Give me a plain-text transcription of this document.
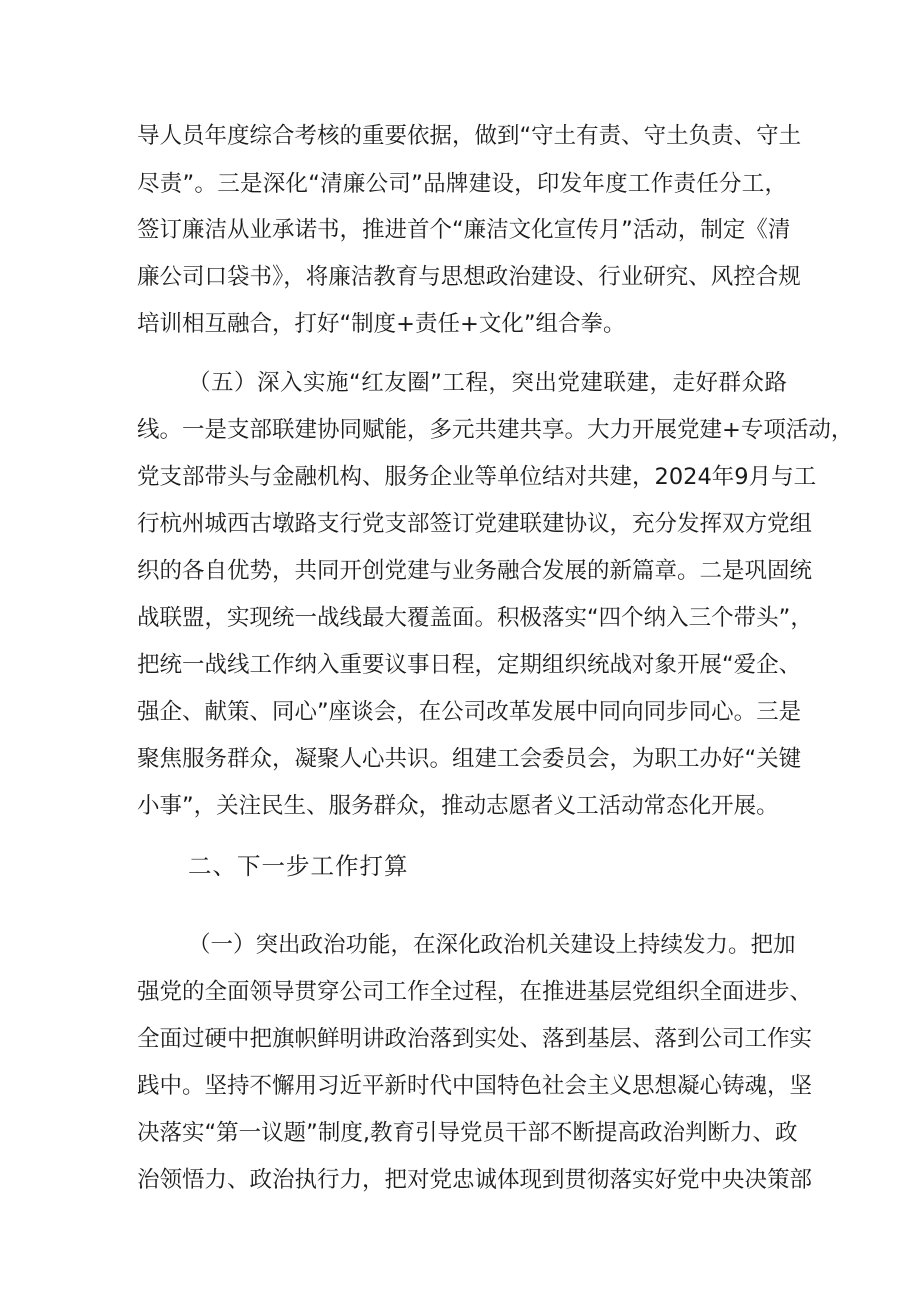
导人员年度综合考核的重要依据，做到“守土有责、守土负责、守土
尽责”。三是深化“清廉公司”品牌建设，印发年度工作责任分工，
签订廉洁从业承诺书，推进首个“廉洁文化宣传月”活动，制定《清
廉公司口袋书》，将廉洁教育与思想政治建设、行业研究、风控合规
培训相互融合，打好“制度+责任+文化”组合拳。
（五）深入实施“红友圈”工程，突出党建联建，走好群众路
线。一是支部联建协同赋能，多元共建共享。大力开展党建+专项活动，
党支部带头与金融机构、服务企业等单位结对共建，2024年9月与工
行杭州城西古墩路支行党支部签订党建联建协议，充分发挥双方党组
织的各自优势，共同开创党建与业务融合发展的新篇章。二是巩固统
战联盟，实现统一战线最大覆盖面。积极落实“四个纳入三个带头”，
把统一战线工作纳入重要议事日程，定期组织统战对象开展“爱企、
强企、献策、同心”座谈会，在公司改革发展中同向同步同心。三是
聚焦服务群众，凝聚人心共识。组建工会委员会，为职工办好“关键
小事”，关注民生、服务群众，推动志愿者义工活动常态化开展。
二、下一步工作打算
（一）突出政治功能，在深化政治机关建设上持续发力。把加
强党的全面领导贯穿公司工作全过程，在推进基层党组织全面进步、
全面过硬中把旗帜鲜明讲政治落到实处、落到基层、落到公司工作实
践中。坚持不懈用习近平新时代中国特色社会主义思想凝心铸魂，坚
决落实“第一议题”制度,教育引导党员干部不断提高政治判断力、政
治领悟力、政治执行力，把对党忠诚体现到贯彻落实好党中央决策部
